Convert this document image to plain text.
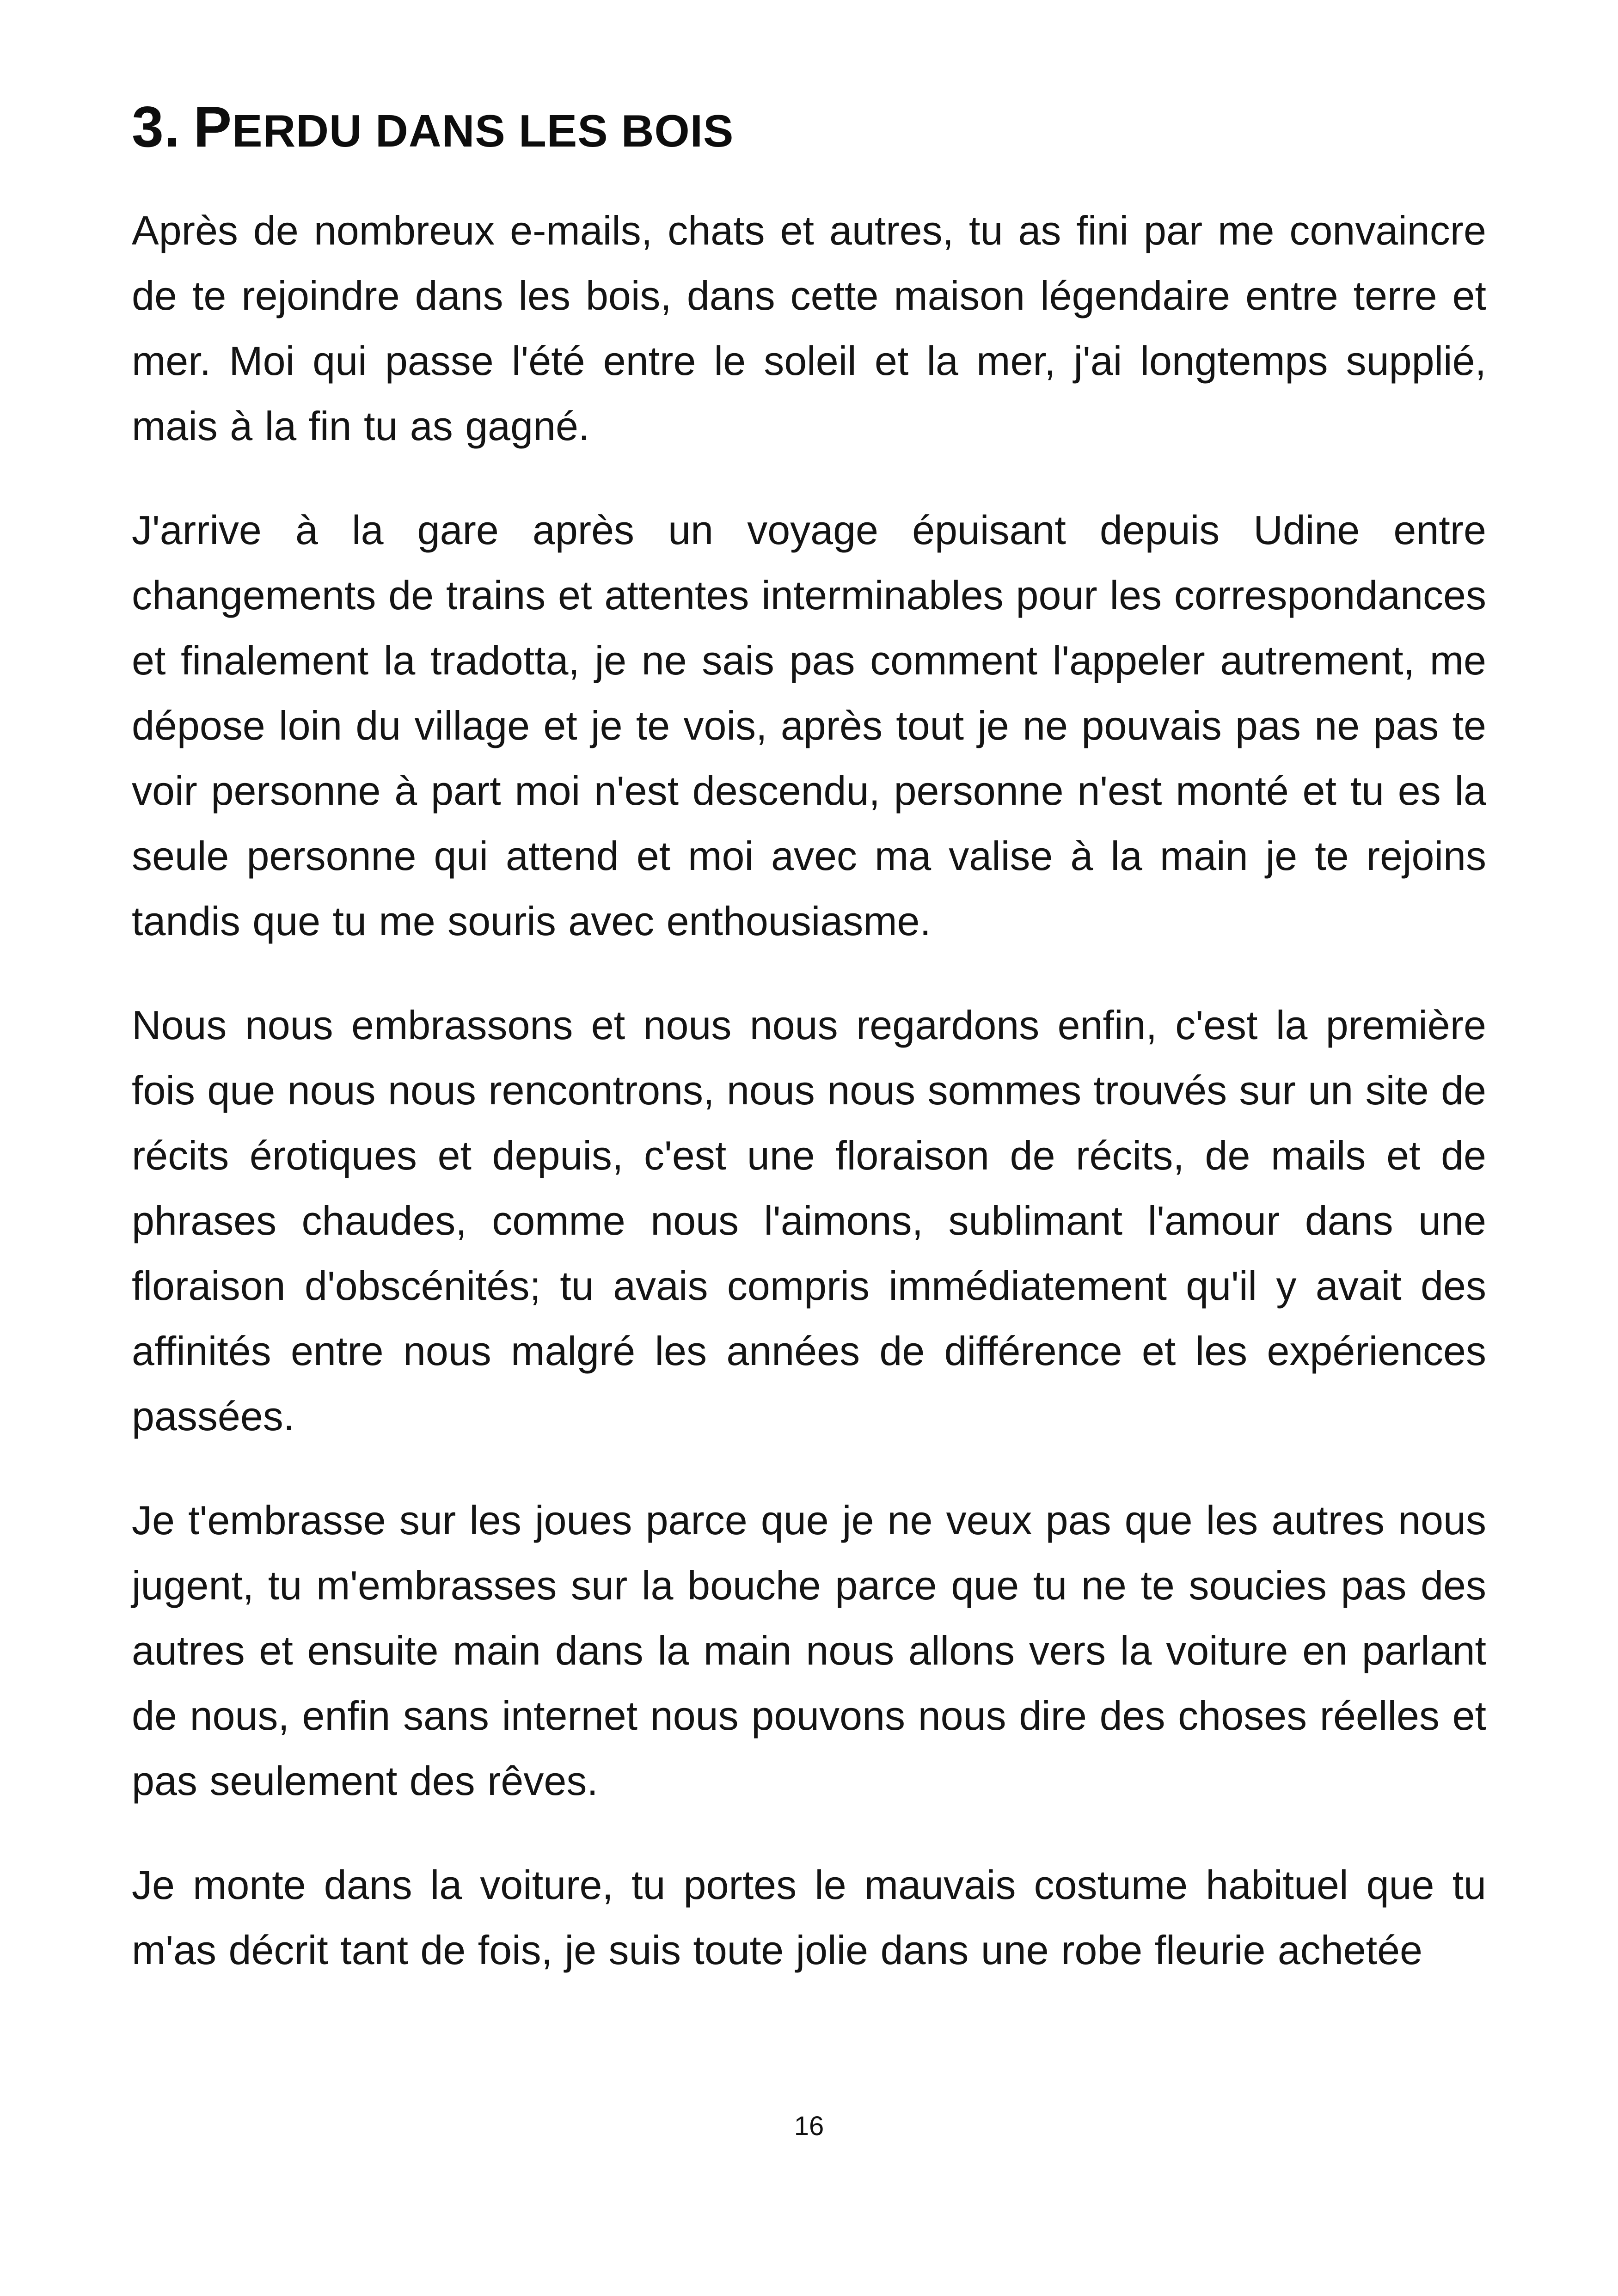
3. PERDU DANS LES BOIS

Après de nombreux e-mails, chats et autres, tu as fini par me convaincre de te rejoindre dans les bois, dans cette maison légendaire entre terre et mer. Moi qui passe l'été entre le soleil et la mer, j'ai longtemps supplié, mais à la fin tu as gagné.

J'arrive à la gare après un voyage épuisant depuis Udine entre changements de trains et attentes interminables pour les correspondances et finalement la tradotta, je ne sais pas comment l'appeler autrement, me dépose loin du village et je te vois, après tout je ne pouvais pas ne pas te voir personne à part moi n'est descendu, personne n'est monté et tu es la seule personne qui attend et moi avec ma valise à la main je te rejoins tandis que tu me souris avec enthousiasme.

Nous nous embrassons et nous nous regardons enfin, c'est la première fois que nous nous rencontrons, nous nous sommes trouvés sur un site de récits érotiques et depuis, c'est une floraison de récits, de mails et de phrases chaudes, comme nous l'aimons, sublimant l'amour dans une floraison d'obscénités; tu avais compris immédiatement qu'il y avait des affinités entre nous malgré les années de différence et les expériences passées.

Je t'embrasse sur les joues parce que je ne veux pas que les autres nous jugent, tu m'embrasses sur la bouche parce que tu ne te soucies pas des autres et ensuite main dans la main nous allons vers la voiture en parlant de nous, enfin sans internet nous pouvons nous dire des choses réelles et pas seulement des rêves.

Je monte dans la voiture, tu portes le mauvais costume habituel que tu m'as décrit tant de fois, je suis toute jolie dans une robe fleurie achetée

16
